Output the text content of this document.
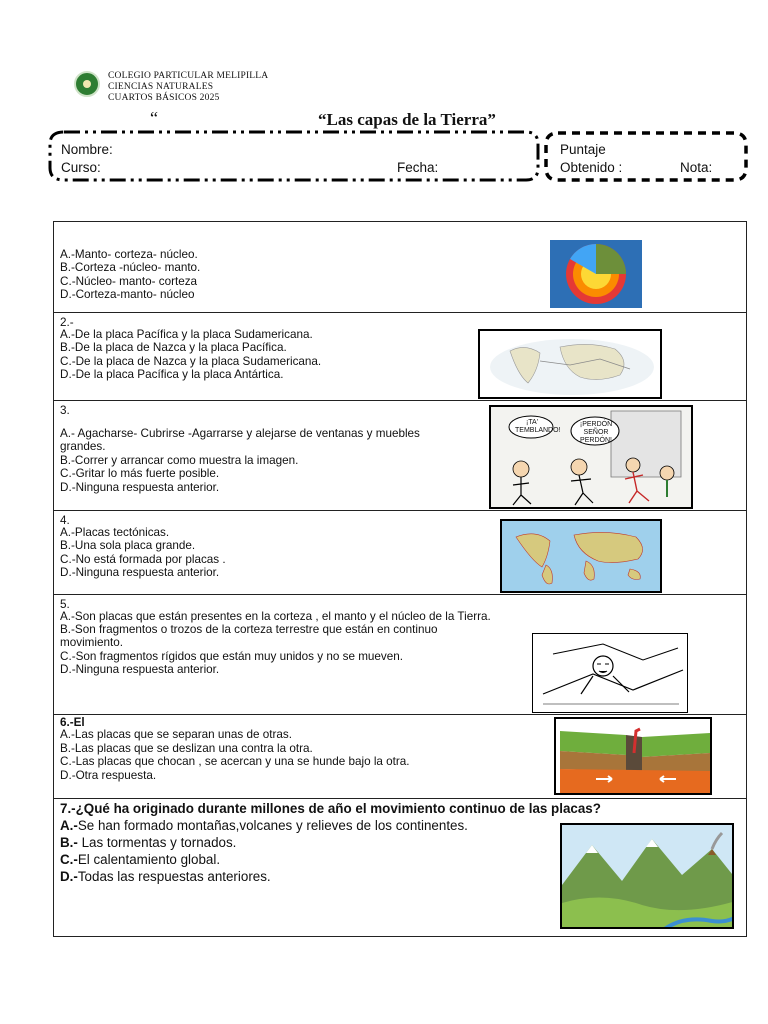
COLEGIO PARTICULAR MELIPILLA
CIENCIAS NATURALES
CUARTOS BÁSICOS 2025
“	“Las capas de la Tierra”
Nombre:
Curso:	Fecha:
Puntaje
Obtenido :	Nota:
A.-Manto- corteza- núcleo.
B.-Corteza -núcleo- manto.
C.-Núcleo- manto- corteza
D.-Corteza-manto- núcleo
2.-
A.-De la placa Pacífica y la placa Sudamericana.
B.-De la placa de Nazca y la placa Pacífica.
C.-De la placa de Nazca y la placa Sudamericana.
D.-De la placa Pacífica y la placa Antártica.
3.
A.- Agacharse- Cubrirse -Agarrarse y alejarse de ventanas y muebles
grandes.
B.-Correr y arrancar como muestra la imagen.
C.-Gritar lo más fuerte posible.
D.-Ninguna respuesta anterior.
¡TA' TEMBLANDO!
¡PERDÓN SEÑOR PERDÓN!
4.
A.-Placas tectónicas.
B.-Una sola placa grande.
C.-No está formada por placas .
D.-Ninguna respuesta anterior.
5.
A.-Son placas que están presentes en la corteza , el manto y el núcleo de la Tierra.
B.-Son fragmentos o trozos de la corteza terrestre que están en continuo
movimiento.
C.-Son fragmentos rígidos que están muy unidos y no se mueven.
D.-Ninguna respuesta anterior.
6.-El
A.-Las placas que se separan unas de otras.
B.-Las placas que se deslizan una contra la otra.
C.-Las placas que chocan , se acercan y una se hunde bajo la otra.
D.-Otra respuesta.
7.-¿Qué ha originado durante millones de año el movimiento continuo de las placas?
A.-Se han formado montañas,volcanes y relieves de los continentes.
B.- Las tormentas y tornados.
C.-El calentamiento global.
D.-Todas las respuestas anteriores.
